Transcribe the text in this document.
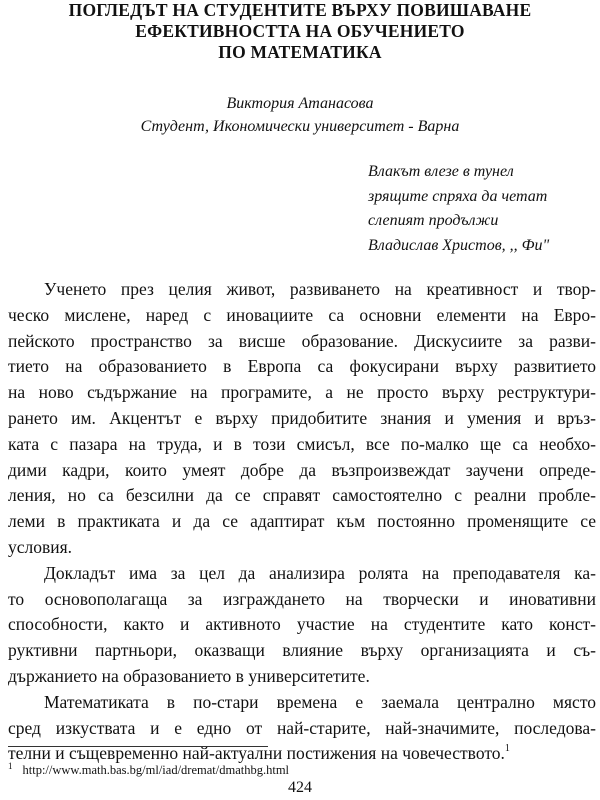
ПОГЛЕДЪТ НА СТУДЕНТИТЕ ВЪРХУ ПОВИШАВАНЕ
ЕФЕКТИВНОСТТА НА ОБУЧЕНИЕТО
ПО МАТЕМАТИКА
Виктория Атанасова
Студент, Икономически университет - Варна
Влакът влезе в тунел
зрящите спряха да четат
слепият продължи
Владислав Христов, ,, Фи"

Ученето през целия живот, развиването на креативност и твор-
ческо мислене, наред с иновациите са основни елементи на Евро-
пейското пространство за висше образование. Дискусиите за разви-
тието на образованието в Европа са фокусирани върху развитието
на ново съдържание на програмите, а не просто върху реструктури-
рането им. Акцентът е върху придобитите знания и умения и връз-
ката с пазара на труда, и в този смисъл, все по-малко ще са необхо-
дими кадри, които умеят добре да възпроизвеждат заучени опреде-
ления, но са безсилни да се справят самостоятелно с реални пробле-
леми в практиката и да се адаптират към постоянно променящите се
условия.

Докладът има за цел да анализира ролята на преподавателя ка-
то основополагаща за изграждането на творчески и иновативни
способности, както и активното участие на студентите като конст-
руктивни партньори, оказващи влияние върху организацията и съ-
държанието на образованието в университетите.

Математиката в по-стари времена е заемала централно място
сред изкуствата и е едно от най-старите, най-значимите, последова-
телни и същевременно най-актуални постижения на човечеството.$^1$

$^1$ http://www.math.bas.bg/ml/iad/dremat/dmathbg.html
424
